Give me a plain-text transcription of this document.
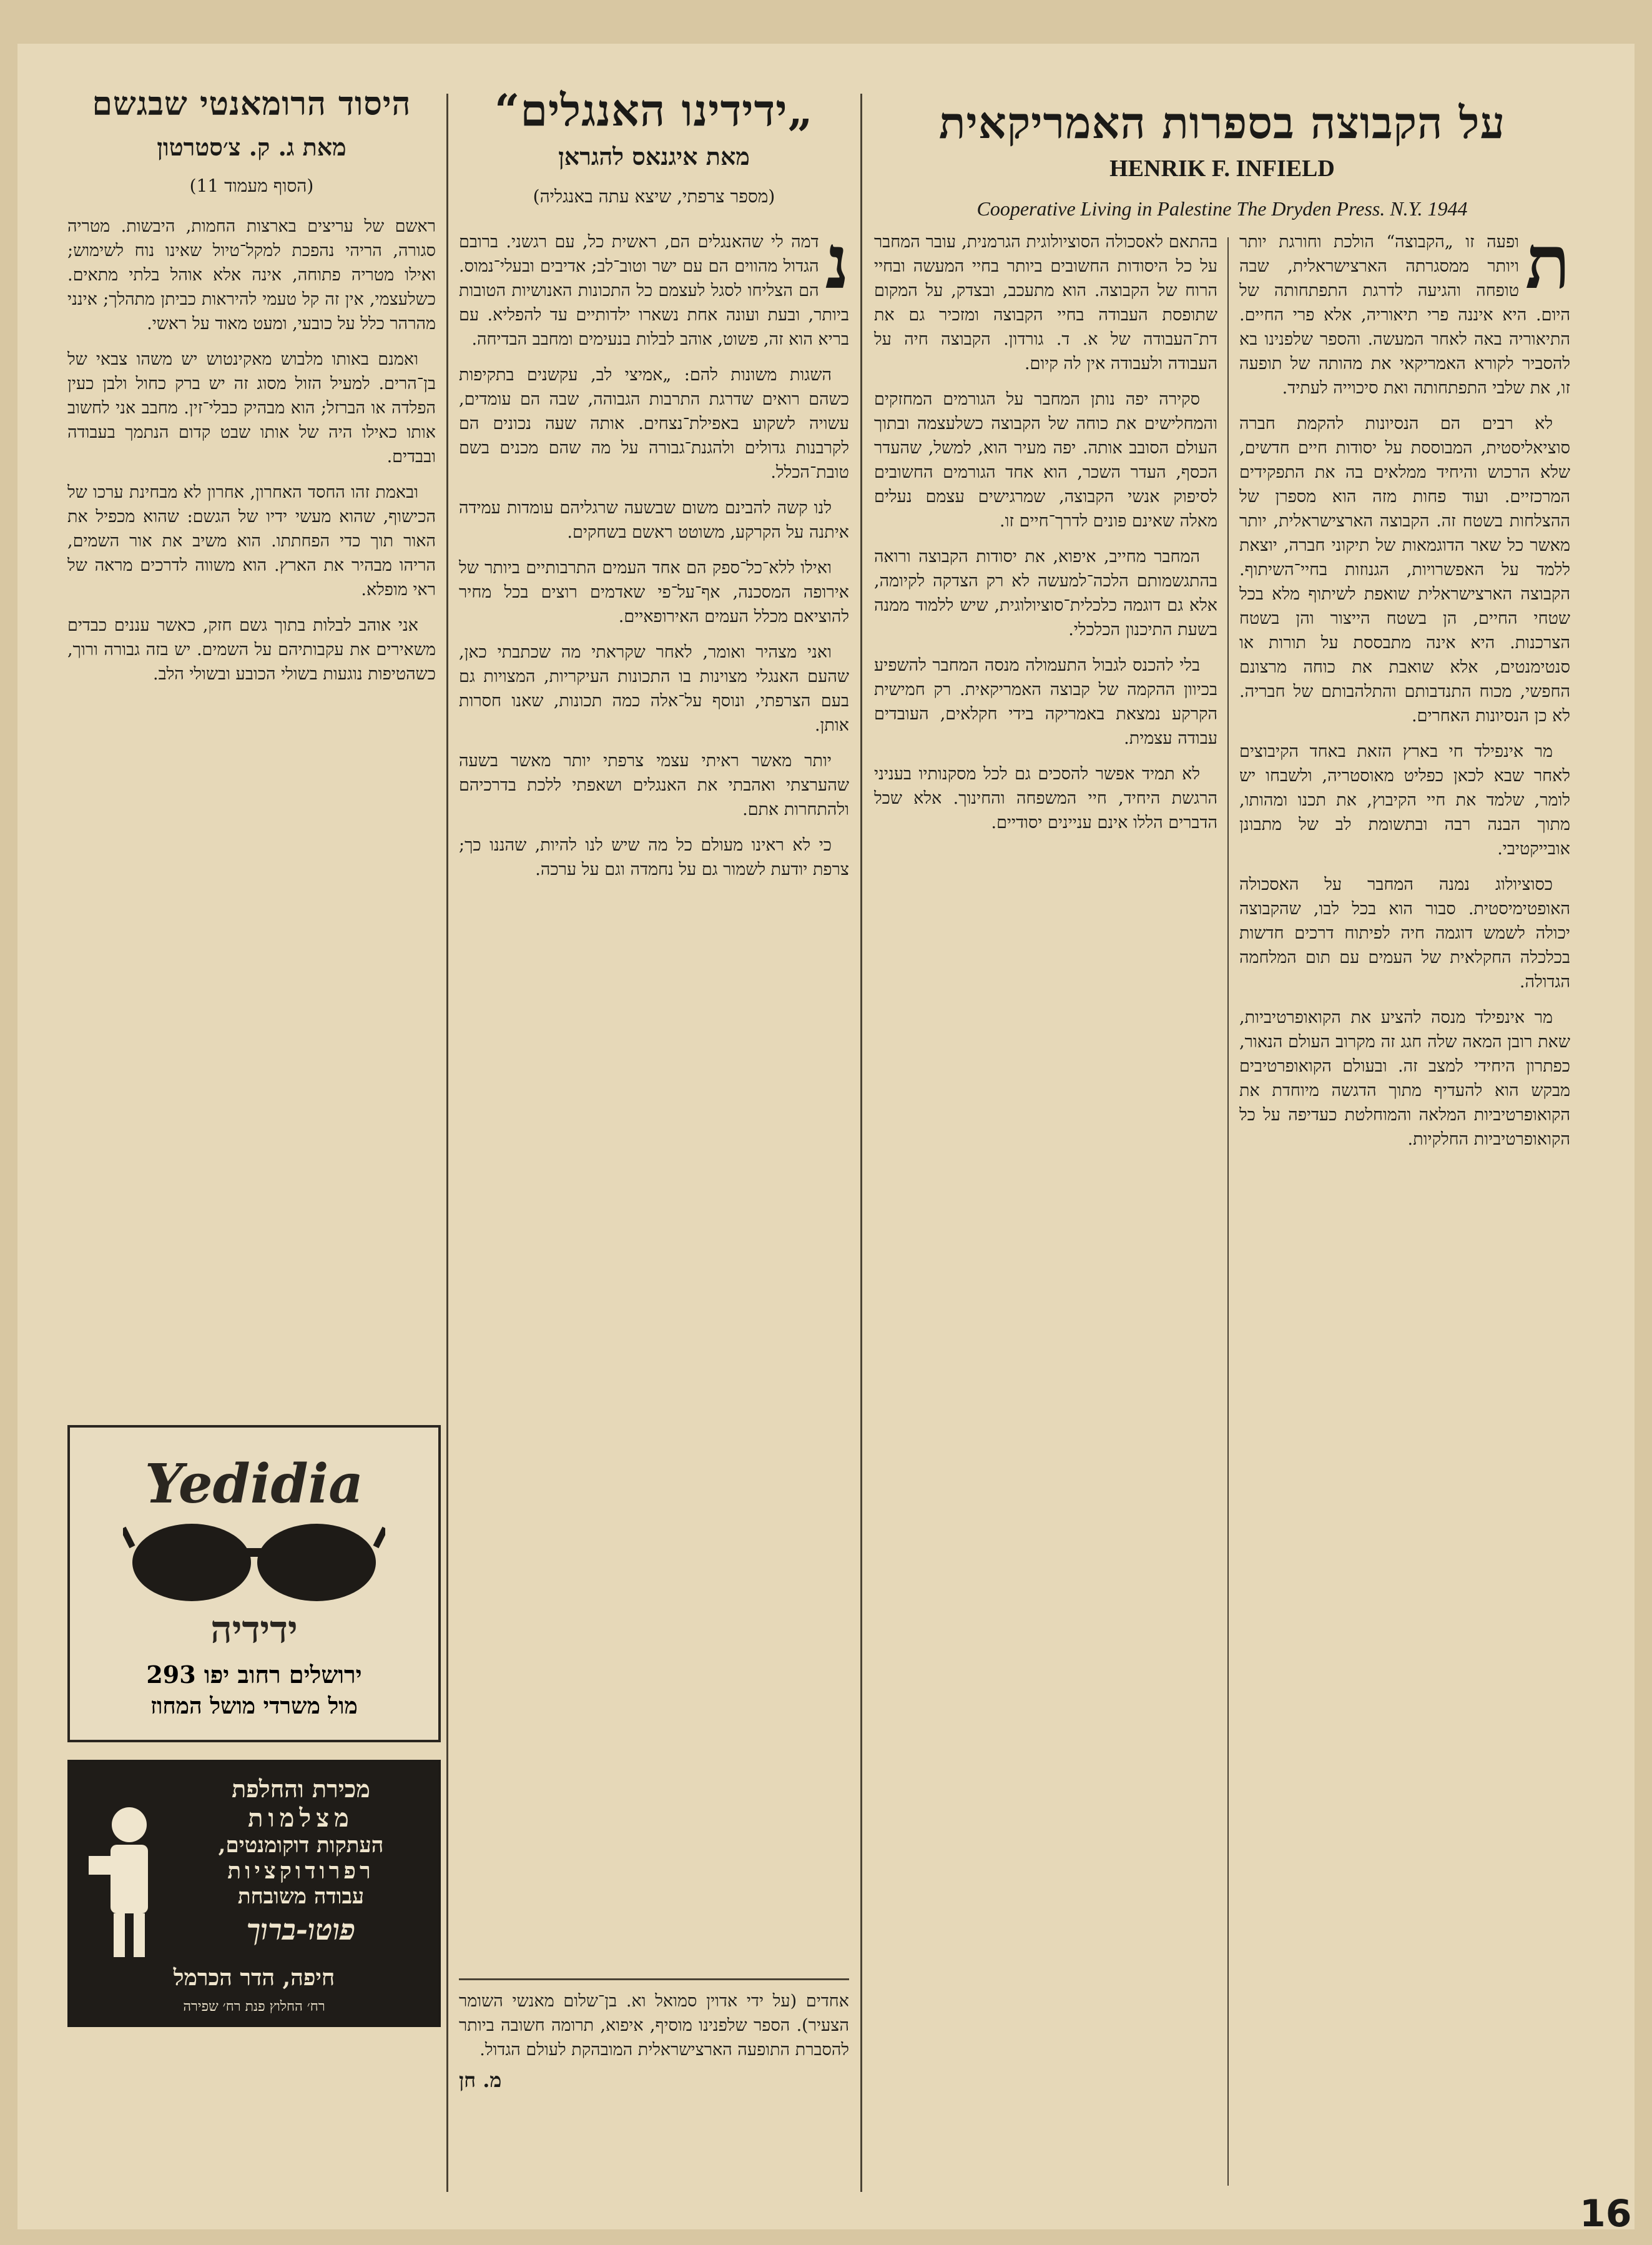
על הקבוצה בספרות האמריקאית

HENRIK F. INFIELD

Cooperative Living in Palestine The Dryden Press. N.Y. 1944

ת

ופעה זו „הקבוצה“ הולכת וחורגת יותר ויותר ממסגרתה הארצישראלית, שבה טופחה והגיעה לדרגת התפתחותה של היום. היא איננה פרי תיאוריה, אלא פרי החיים. התיאוריה באה לאחר המעשה. והספר שלפנינו בא להסביר לקורא האמריקאי את מהותה של תופעה זו, את שלבי התפתחותה ואת סיכוייה לעתיד.

לא רבים הם הנסיונות להקמת חברה סוציאליסטית, המבוססת על יסודות חיים חדשים, שלא הרכוש והיחיד ממלאים בה את התפקידים המרכזיים. ועוד פחות מזה הוא מספרן של ההצלחות בשטח זה. הקבוצה הארצישראלית, יותר מאשר כל שאר הדוגמאות של תיקוני חברה, יוצאת ללמד על האפשרויות, הגנוזות בחיי־השיתוף. הקבוצה הארצישראלית שואפת לשיתוף מלא בכל שטחי החיים, הן בשטח הייצור והן בשטח הצרכנות. היא אינה מתבססת על תורות או סנטימנטים, אלא שואבת את כוחה מרצונם החפשי, מכוח התנדבותם והתלהבותם של חבריה. לא כן הנסיונות האחרים.

מר אינפילד חי בארץ הזאת באחד הקיבוצים לאחר שבא לכאן כפליט מאוסטריה, ולשבחו יש לומר, שלמד את חיי הקיבוץ, את תכנו ומהותו, מתוך הבנה רבה ובתשומת לב של מתבונן אובייקטיבי.

כסוציולוג נמנה המחבר על האסכולה האופטימיסטית. סבור הוא בכל לבו, שהקבוצה יכולה לשמש דוגמה חיה לפיתוח דרכים חדשות בכלכלה החקלאית של העמים עם תום המלחמה הגדולה.

מר אינפילד מנסה להציע את הקואופרטיביות, שאת רובן המאה שלה חגג זה מקרוב העולם הנאור, כפתרון היחידי למצב זה. ובעולם הקואופרטיבים מבקש הוא להעדיף מתוך הדגשה מיוחדת את הקואופרטיביות המלאה והמוחלטת כעדיפה על כל הקואופרטיביות החלקיות.

בהתאם לאסכולה הסוציולוגית הגרמנית, עובר המחבר על כל היסודות החשובים ביותר בחיי המעשה ובחיי הרוח של הקבוצה. הוא מתעכב, ובצדק, על המקום שתופסת העבודה בחיי הקבוצה ומזכיר גם את דת־העבודה של א. ד. גורדון. הקבוצה חיה על העבודה ולעבודה אין לה קיום.

סקירה יפה נותן המחבר על הגורמים המחזקים והמחלישים את כוחה של הקבוצה כשלעצמה ובתוך העולם הסובב אותה. יפה מעיר הוא, למשל, שהעדר הכסף, העדר השכר, הוא אחד הגורמים החשובים לסיפוק אנשי הקבוצה, שמרגישים עצמם נעלים מאלה שאינם פונים לדרך־חיים זו.

המחבר מחייב, איפוא, את יסודות הקבוצה ורואה בהתגשמותם הלכה־למעשה לא רק הצדקה לקיומה, אלא גם דוגמה כלכלית־סוציולוגית, שיש ללמוד ממנה בשעת התיכנון הכלכלי.

בלי להכנס לגבול התעמולה מנסה המחבר להשפיע בכיוון ההקמה של קבוצה האמריקאית. רק חמישית הקרקע נמצאת באמריקה בידי חקלאים, העובדים עבודה עצמית.

לא תמיד אפשר להסכים גם לכל מסקנותיו בעניני הרגשת היחיד, חיי המשפחה והחינוך. אלא שכל הדברים הללו אינם עניינים יסודיים.

„ידידינו האנגלים“

מאת איגנאס להגראן

(מספר צרפתי, שיצא עתה באנגליה)

נ

דמה לי שהאנגלים הם, ראשית כל, עם רגשני. ברובם הגדול מהווים הם עם ישר וטוב־לב; אדיבים ובעלי־נמוס. הם הצליחו לסגל לעצמם כל התכונות האנושיות הטובות ביותר, ובעת ועונה אחת נשארו ילדותיים עד להפליא. עם בריא הוא זה, פשוט, אוהב לבלות בנעימים ומחבב הבדיחה.

השגות משונות להם: „אמיצי לב, עקשנים בתקיפות כשהם רואים שדרגת התרבות הגבוהה, שבה הם עומדים, עשויה לשקוע באפילת־נצחים. אותה שעה נכונים הם לקרבנות גדולים ולהגנת־גבורה על מה שהם מכנים בשם טובת־הכלל.

לנו קשה להבינם משום שבשעה שרגליהם עומדות עמידה איתנה על הקרקע, משוטט ראשם בשחקים.

ואילו ללא־כל־ספק הם אחד העמים התרבותיים ביותר של אירופה המסכנה, אף־על־פי שאדמים רוצים בכל מחיר להוציאם מכלל העמים האירופאיים.

ואני מצהיר ואומר, לאחר שקראתי מה שכתבתי כאן, שהעם האנגלי מצוינות בו התכונות העיקריות, המצויות גם בעם הצרפתי, ונוסף על־אלה כמה תכונות, שאנו חסרות אותן.

יותר מאשר ראיתי עצמי צרפתי יותר מאשר בשעה שהערצתי ואהבתי את האנגלים ושאפתי ללכת בדרכיהם ולהתחרות אתם.

כי לא ראינו מעולם כל מה שיש לנו להיות, שהננו כך; צרפת יודעת לשמור גם על נחמדה וגם על ערכה.

אחדים (על ידי אדוין סמואל וא. בן־שלום מאנשי השומר הצעיר). הספר שלפנינו מוסיף, איפוא, תרומה חשובה ביותר להסברת התופעה הארצישראלית המובהקת לעולם הגדול.

מ. חן

היסוד הרומאנטי שבגשם

מאת ג. ק. צ׳סטרטון

(הסוף מעמוד 11)

ראשם של עריצים בארצות החמות, היבשות. מטריה סגורה, הריהי נהפכת למקל־טיול שאינו נוח לשימוש; ואילו מטריה פתוחה, אינה אלא אוהל בלתי מתאים. כשלעצמי, אין זה קל טעמי להיראות כביתן מתהלך; אינני מהרהר כלל על כובעי, ומעט מאוד על ראשי.

ואמנם באותו מלבוש מאקינטוש יש משהו צבאי של בן־הרים. למעיל הזול מסוג זה יש ברק כחול ולבן כעין הפלדה או הברזל; הוא מבהיק כבלי־זין. מחבב אני לחשוב אותו כאילו היה של אותו שבט קדום הנתמך בעבודה ובבדים.

ובאמת זהו החסד האחרון, אחרון לא מבחינת ערכו של הכישוף, שהוא מעשי ידיו של הגשם: שהוא מכפיל את האור תוך כדי הפחתתו. הוא משיב את אור השמים, הריהו מבהיר את הארץ. הוא משווה לדרכים מראה של ראי מופלא.

אני אוהב לבלות בתוך גשם חזק, כאשר עננים כבדים משאירים את עקבותיהם על השמים. יש בזה גבורה ורוך, כשהטיפות נוגעות בשולי הכובע ובשולי הלב.

Yedidia
ידידיה
ירושלים רחוב יפו 293
מול משרדי מושל המחוז
מכירת והחלפת
מצלמות
העתקות דוקומנטים,
רפרודוקציות
עבודה משובחת
פוטו-ברוך
חיפה, הדר הכרמל
רח׳ החלוץ פנת רח׳ שפירה
16
